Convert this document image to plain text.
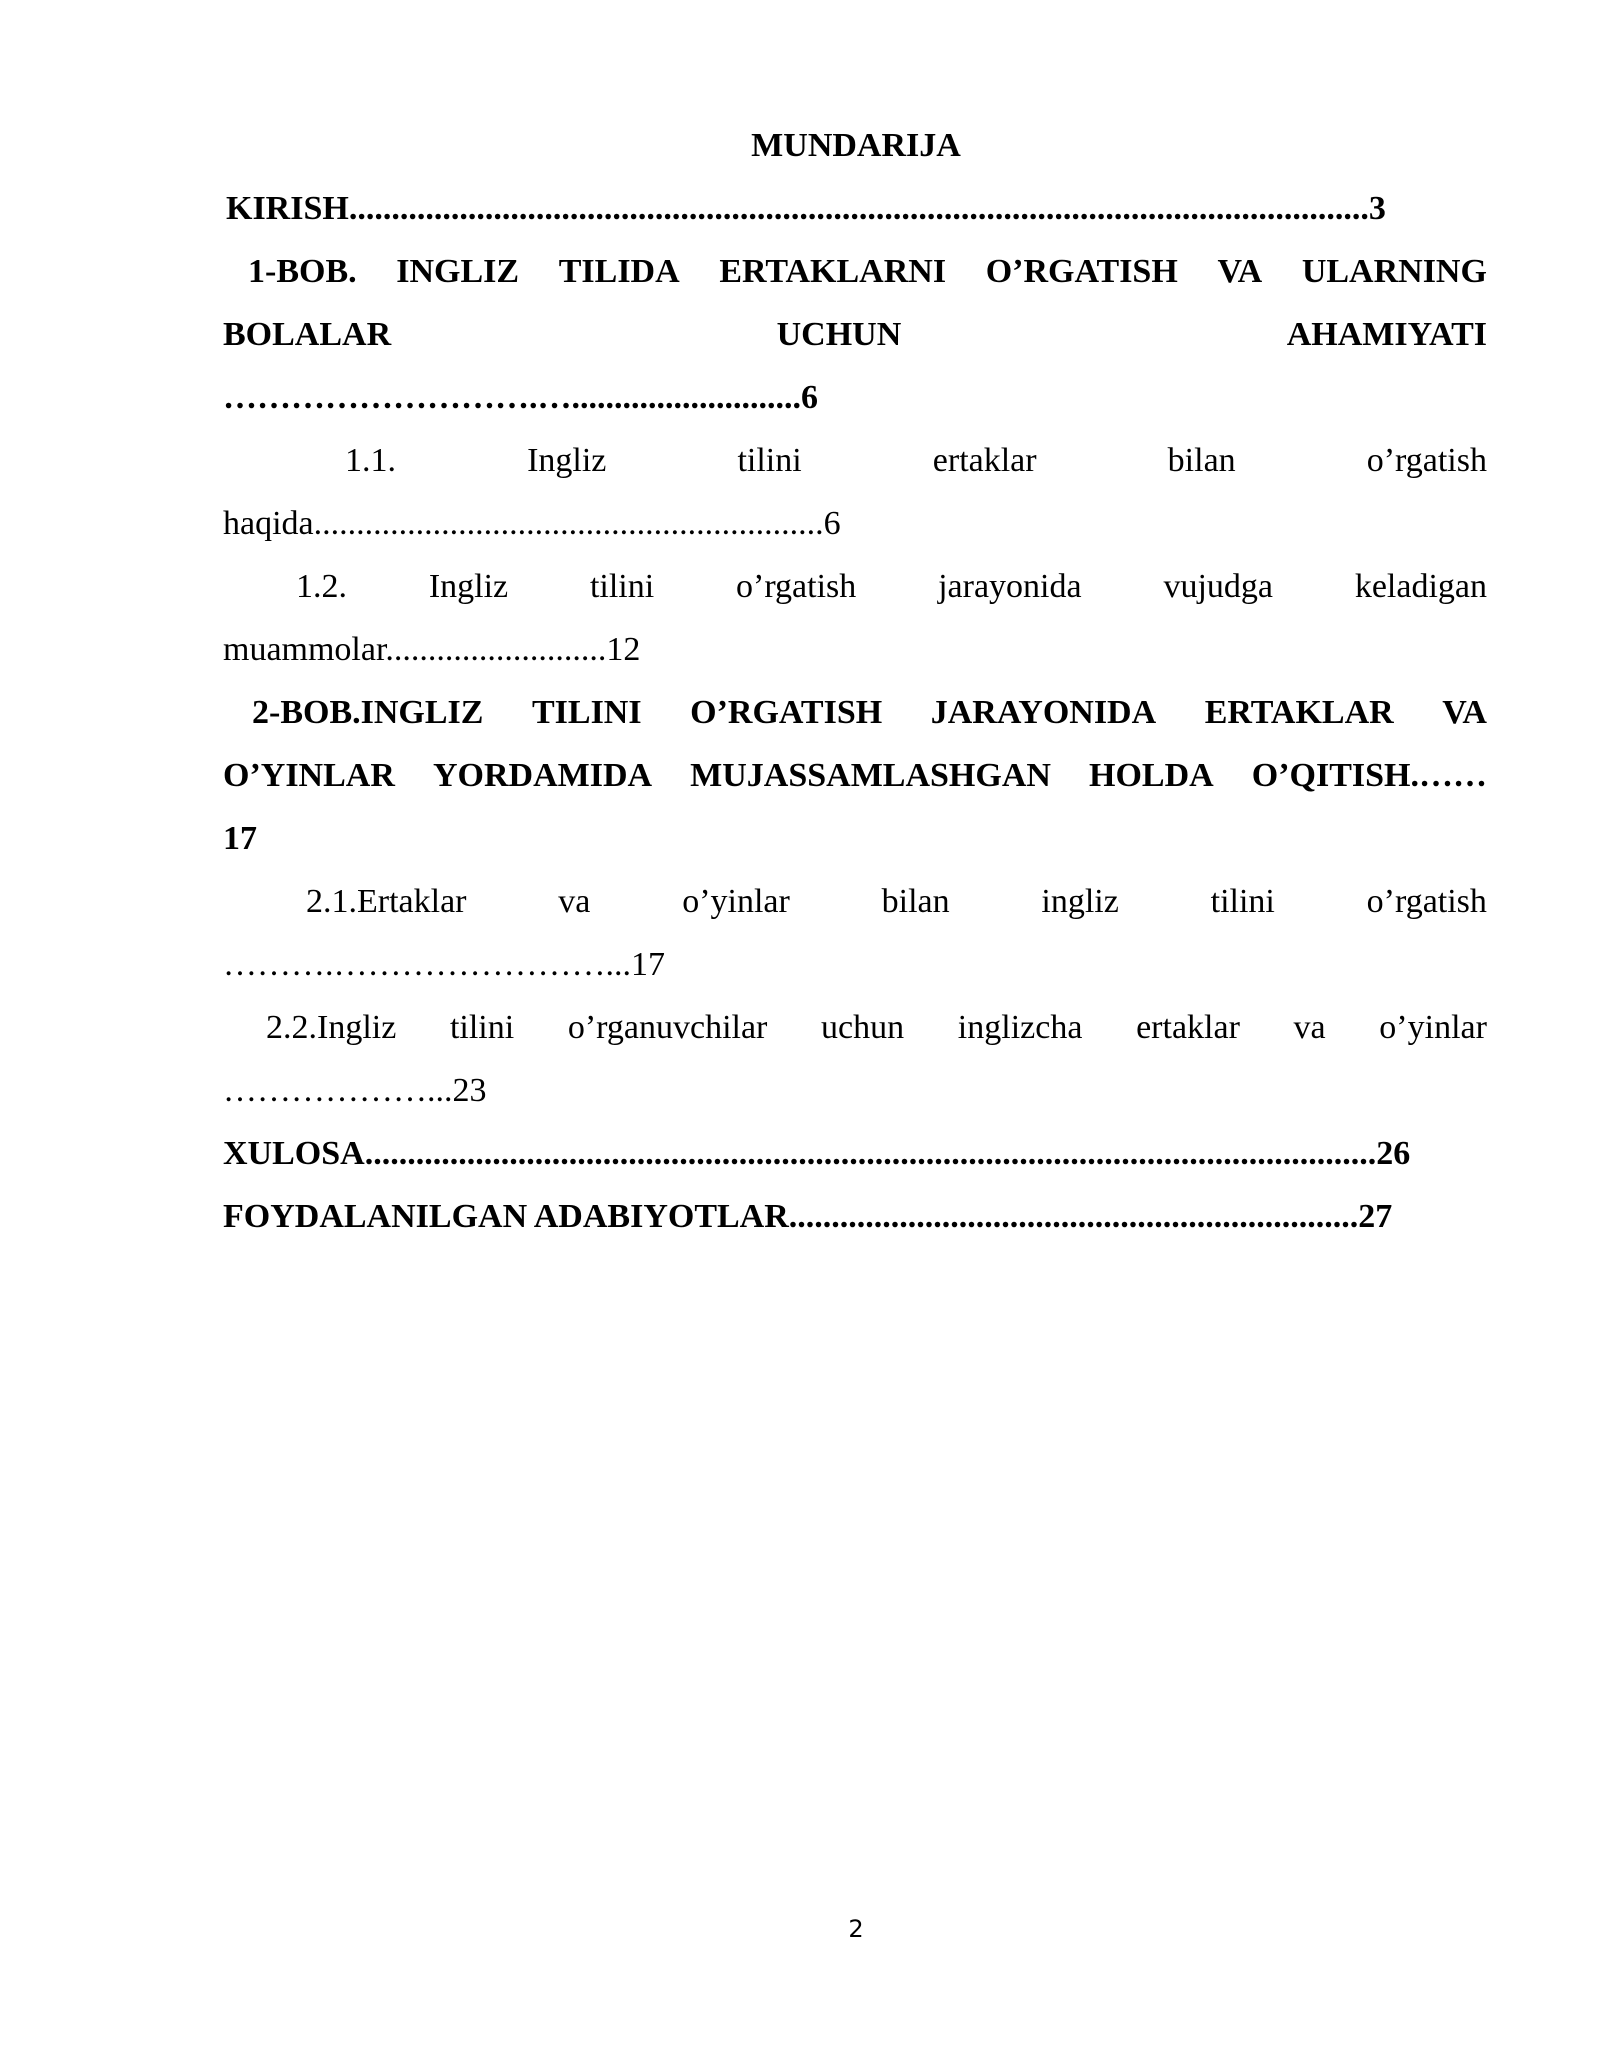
MUNDARIJA
KIRISH........................................................................................................................3
1-BOB. INGLIZ TILIDA ERTAKLARNI O’RGATISH VA ULARNING
BOLALAR	UCHUN	AHAMIYATI
……………………….…...........................6
1.1.	Ingliz	tilini	ertaklar	bilan	o’rgatish
haqida............................................................6
1.2. Ingliz tilini o’rgatish jarayonida vujudga keladigan
muammolar..........................12
2-BOB.INGLIZ TILINI O’RGATISH JARAYONIDA ERTAKLAR VA
O’YINLAR YORDAMIDA MUJASSAMLASHGAN HOLDA O’QITISH.……
17
2.1.Ertaklar	va	o’yinlar	bilan	ingliz	tilini	o’rgatish
……….……………………...17
2.2.Ingliz tilini o’rganuvchilar uchun inglizcha ertaklar va o’yinlar
………………...23
XULOSA.......................................................................................................................26
FOYDALANILGAN ADABIYOTLAR...................................................................27
2
